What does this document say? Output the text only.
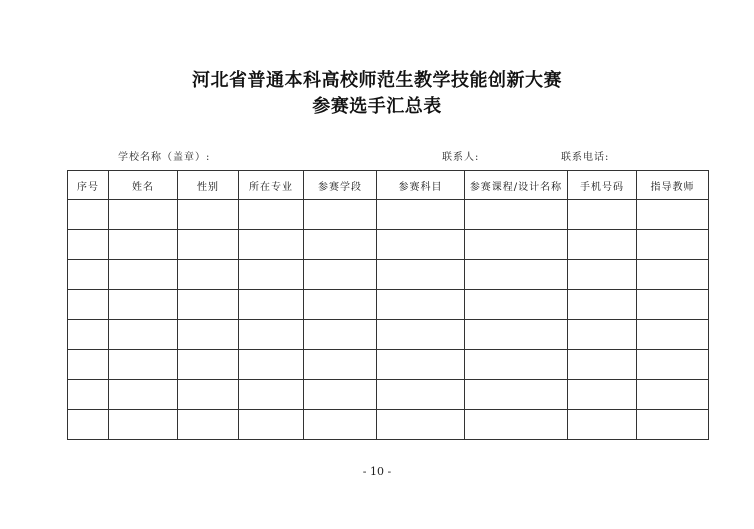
河北省普通本科高校师范生教学技能创新大赛
参赛选手汇总表
学校名称（盖章）:	联系人:	联系电话:
序号	姓名	性别	所在专业	参赛学段	参赛科目	参赛课程/设计名称	手机号码	指导教师

- 10 -
